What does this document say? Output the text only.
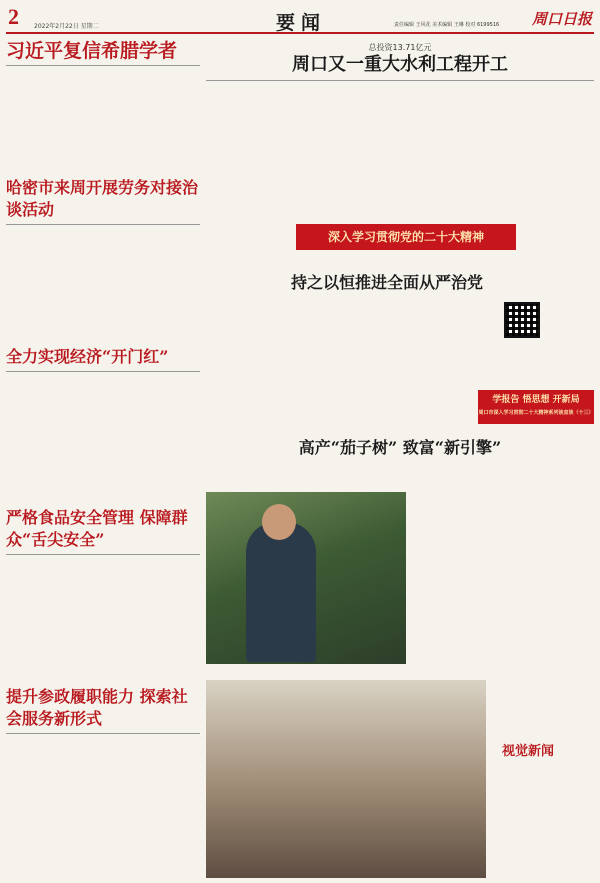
2	2022年2月22日 星期二	要闻	责任编辑 王风花 美术编辑 王琳 校对 6199516 周口日报
习近平复信希腊学者
哈密市来周开展劳务对接治谈活动
全力实现经济“开门红”
严格食品安全管理 保障群众“舌尖安全”
提升参政履职能力 探索社会服务新形式
总投资13.71亿元
周口又一重大水利工程开工
深入学习贯彻党的二十大精神
持之以恒推进全面从严治党
学报告 悟思想 开新局
周口市深入学习贯彻二十大精神系列谈直谈（十三）
高产“茄子树” 致富“新引擎”
视觉新闻
